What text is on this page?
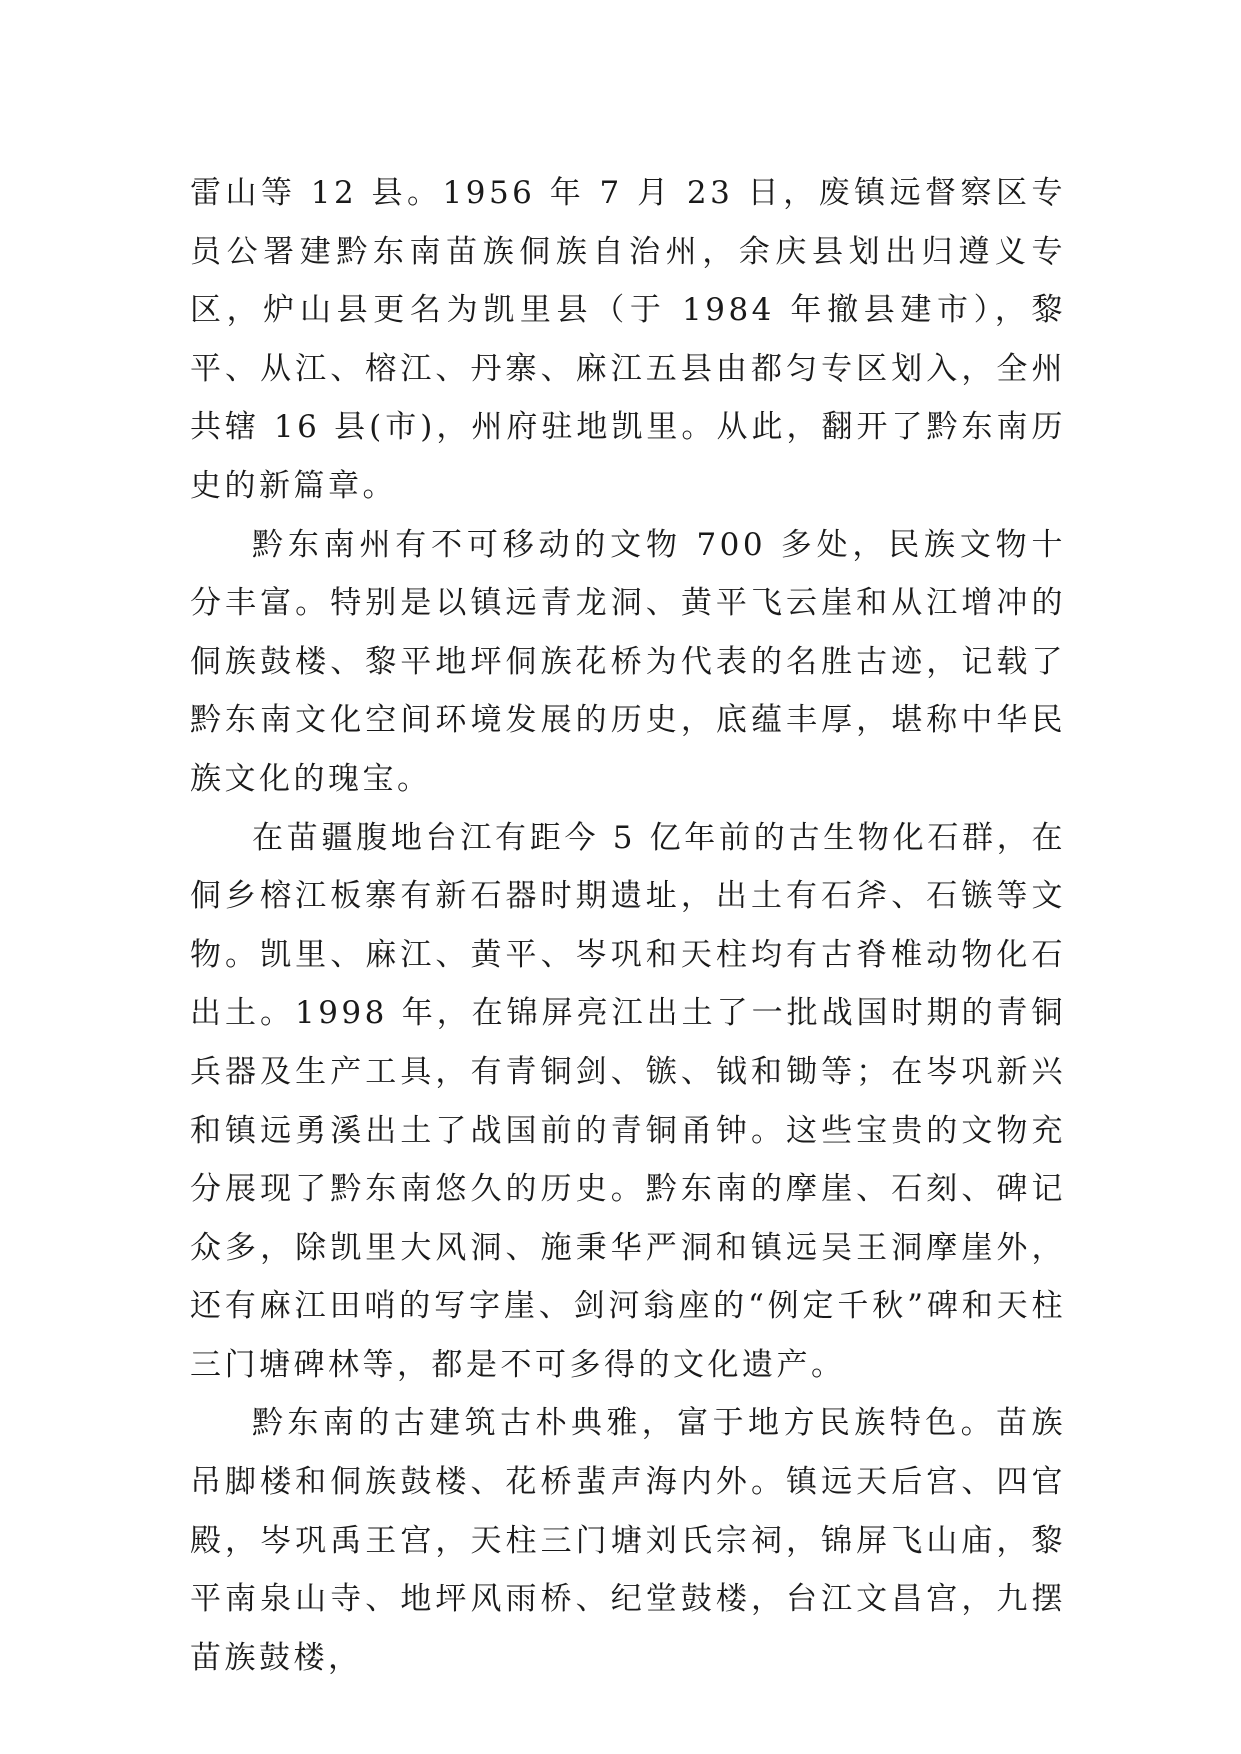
雷山等 12 县。1956 年 7 月 23 日，废镇远督察区专员公署建黔东南苗族侗族自治州，余庆县划出归遵义专区，炉山县更名为凯里县（于 1984 年撤县建市），黎平、从江、榕江、丹寨、麻江五县由都匀专区划入，全州共辖 16 县(市)，州府驻地凯里。从此，翻开了黔东南历史的新篇章。

黔东南州有不可移动的文物 700 多处，民族文物十分丰富。特别是以镇远青龙洞、黄平飞云崖和从江增冲的侗族鼓楼、黎平地坪侗族花桥为代表的名胜古迹，记载了黔东南文化空间环境发展的历史，底蕴丰厚，堪称中华民族文化的瑰宝。

在苗疆腹地台江有距今 5 亿年前的古生物化石群，在侗乡榕江板寨有新石器时期遗址，出土有石斧、石镞等文物。凯里、麻江、黄平、岑巩和天柱均有古脊椎动物化石出土。1998 年，在锦屏亮江出土了一批战国时期的青铜兵器及生产工具，有青铜剑、镞、钺和锄等；在岑巩新兴和镇远勇溪出土了战国前的青铜甬钟。这些宝贵的文物充分展现了黔东南悠久的历史。黔东南的摩崖、石刻、碑记众多，除凯里大风洞、施秉华严洞和镇远吴王洞摩崖外，还有麻江田哨的写字崖、剑河翁座的“例定千秋”碑和天柱三门塘碑林等，都是不可多得的文化遗产。

黔东南的古建筑古朴典雅，富于地方民族特色。苗族吊脚楼和侗族鼓楼、花桥蜚声海内外。镇远天后宫、四官殿，岑巩禹王宫，天柱三门塘刘氏宗祠，锦屏飞山庙，黎平南泉山寺、地坪风雨桥、纪堂鼓楼，台江文昌宫，九摆苗族鼓楼，
